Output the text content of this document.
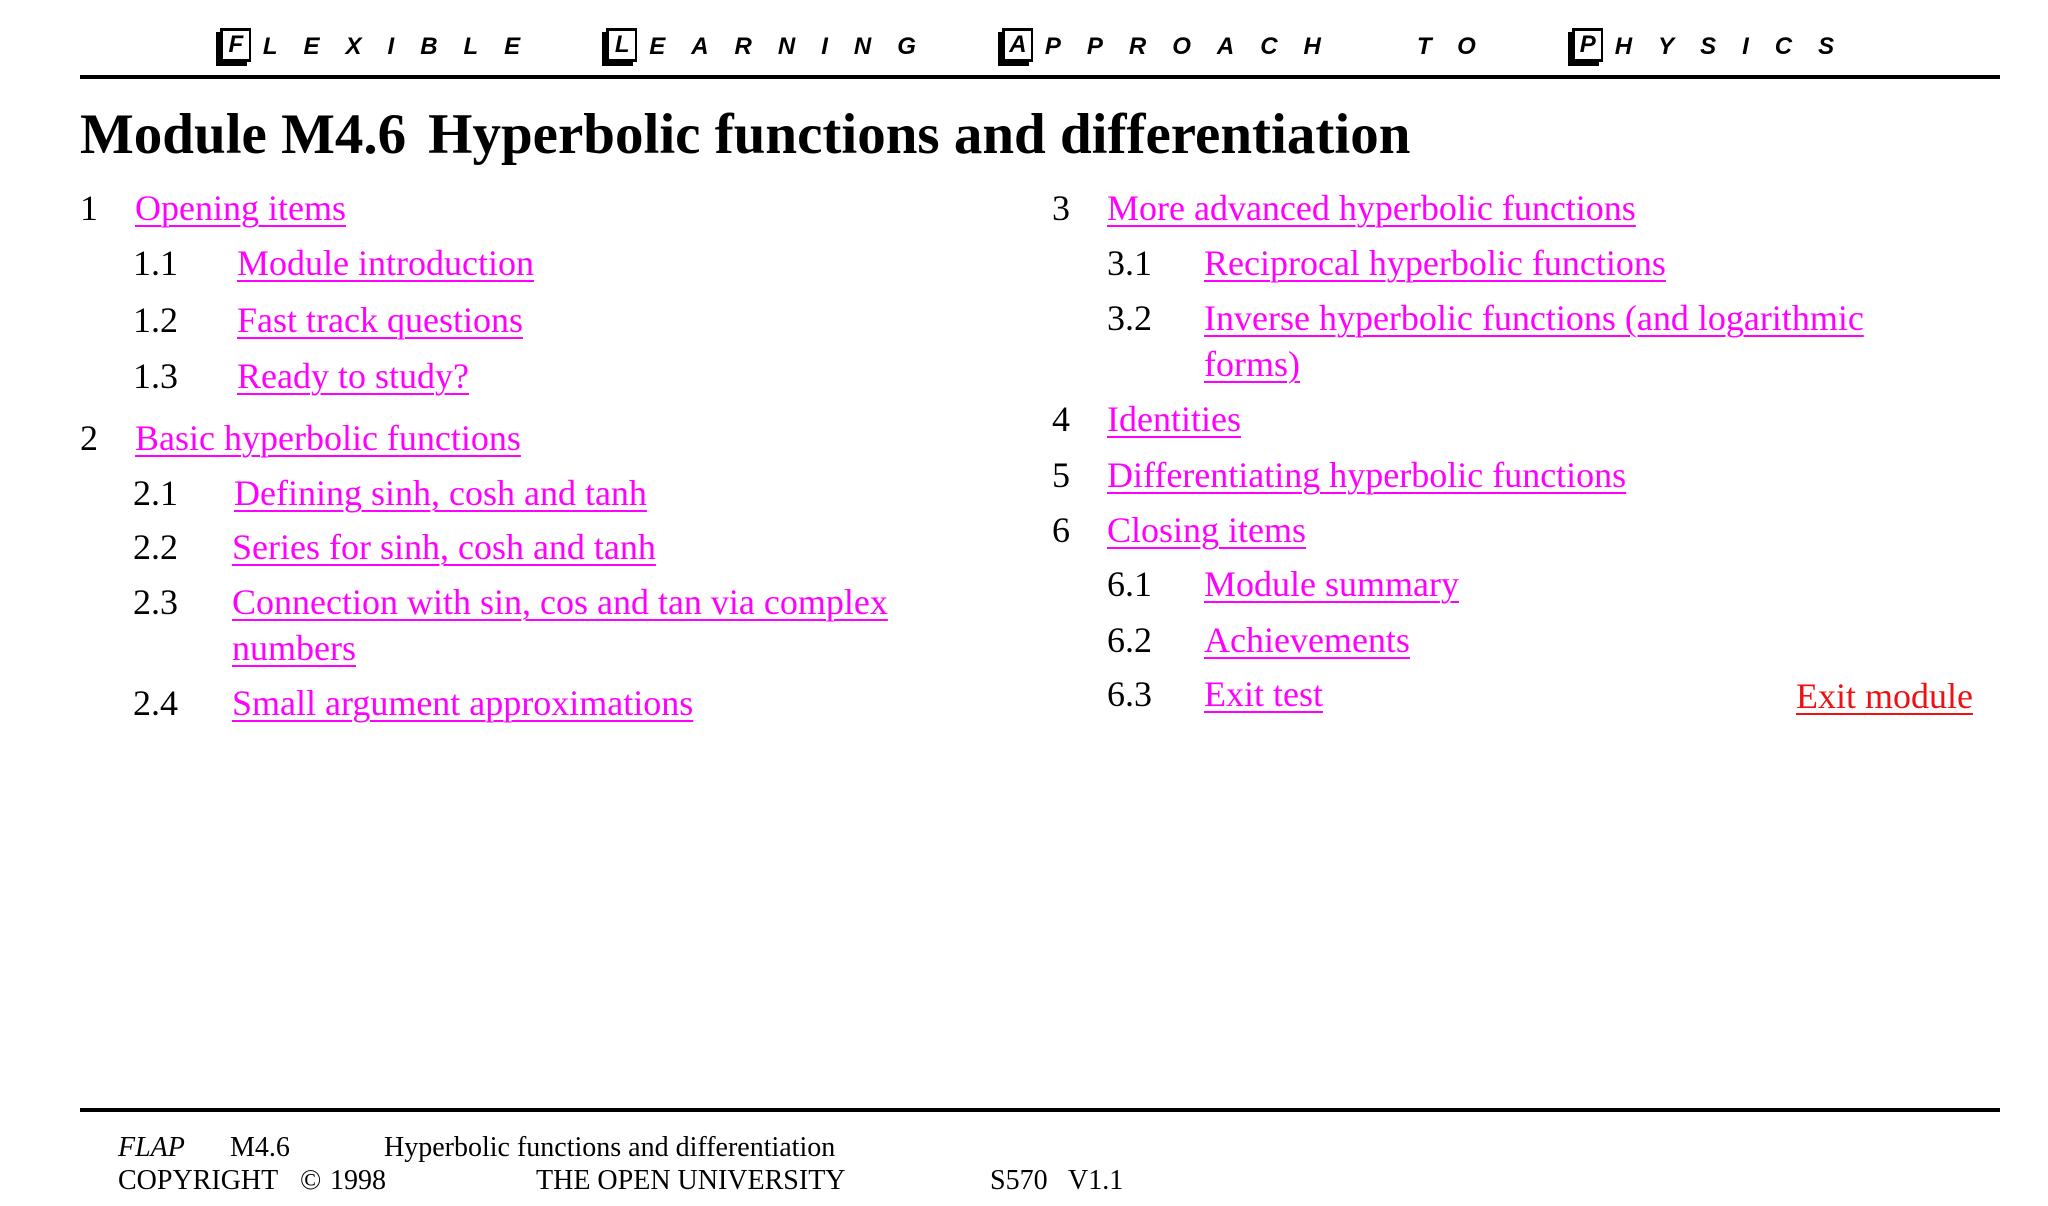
F LEXIBLE	L EARNING	A PPROACH	TO	P HYSICS
Module M4.6 Hyperbolic functions and differentiation
1 Opening items
1.1 Module introduction
1.2 Fast track questions
1.3 Ready to study?
2 Basic hyperbolic functions
2.1 Defining sinh, cosh and tanh
2.2 Series for sinh, cosh and tanh
2.3 Connection with sin, cos and tan via complex
numbers
2.4 Small argument approximations
3 More advanced hyperbolic functions
3.1 Reciprocal hyperbolic functions
3.2 Inverse hyperbolic functions (and logarithmic
forms)
4 Identities
5 Differentiating hyperbolic functions
6 Closing items
6.1 Module summary
6.2 Achievements
6.3 Exit test	Exit module
FLAP M4.6	Hyperbolic functions and differentiation
COPYRIGHT © 1998	THE OPEN UNIVERSITY	S570 V1.1
